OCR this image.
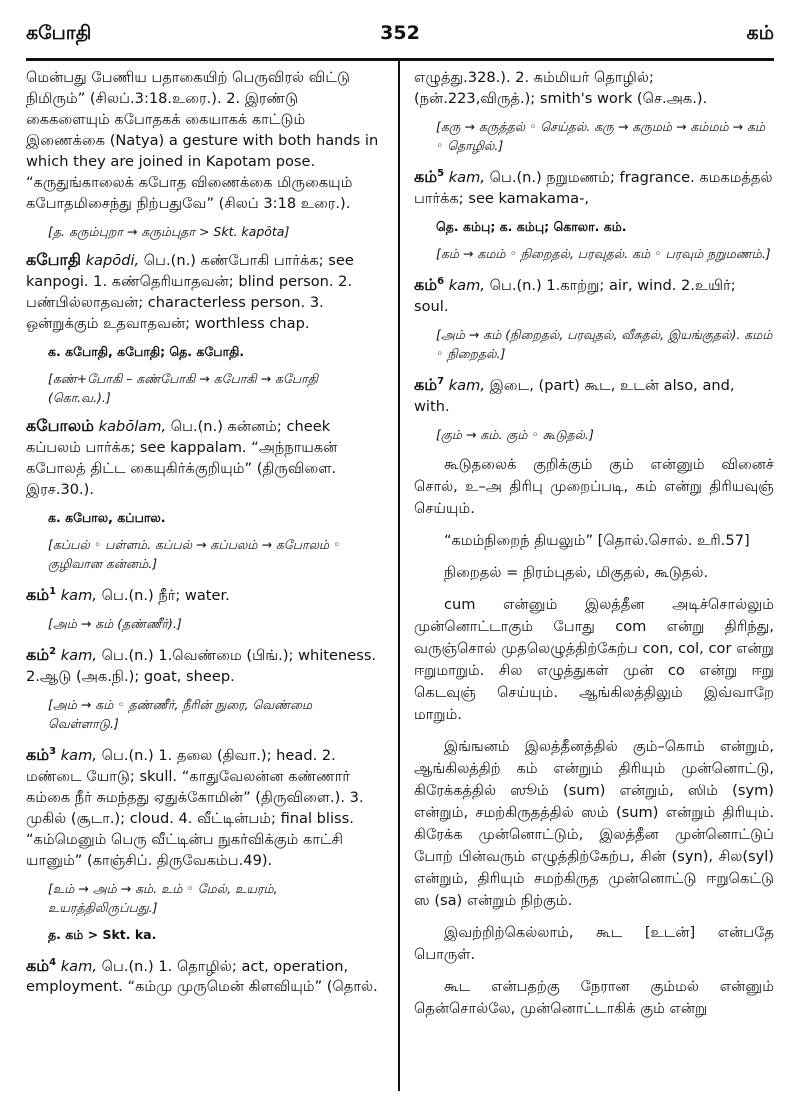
கபோதி	352	கம்
மென்பது பேணிய பதாகையிற் பெருவிரல் விட்டு நிமிரும்” (சிலப்.3:18.உரை.). 2. இரண்டு கைகளையும் கபோதகக் கையாகக் காட்டும் இணைக்கை (Natya) a gesture with both hands in which they are joined in Kapotam pose. “கருதுங்காலைக் கபோத விணைக்கை மிருகையும் கபோதமிசைந்து நிற்பதுவே” (சிலப் 3:18 உரை.).
[த. கரும்புறா → கரும்புதா > Skt. kapōta]
கபோதி kapōdi, பெ.(n.) கண்போகி பார்க்க; see kanpogi. 1. கண்தெரியாதவன்; blind person. 2. பண்பில்லாதவன்; characterless person. 3. ஒன்றுக்கும் உதவாதவன்; worthless chap.
க. கபோதி, கபோதி; தெ. கபோதி.
[கண்+போகி – கண்போகி → கபோகி → கபோதி (கொ.வ.).]
கபோலம் kabōlam, பெ.(n.) கன்னம்; cheek கப்பலம் பார்க்க; see kappalam. “அந்நாயகன் கபோலத் திட்ட கையுகிர்க்குறியும்” (திருவிளை. இரச.30.).
க. கபோல, கப்பால.
[கப்பல் ◦ பள்ளம். கப்பல் → கப்பலம் → கபோலம் ◦ குழிவான கன்னம்.]
கம்$^1$ kam, பெ.(n.) நீர்; water.
[அம் → கம் (தண்ணீர்).]
கம்$^2$ kam, பெ.(n.) 1.வெண்மை (பிங்.); whiteness. 2.ஆடு (அக.நி.); goat, sheep.
[அம் → கம் ◦ தண்ணீர், நீரின் நுரை, வெண்மை வெள்ளாடு.]
கம்$^3$ kam, பெ.(n.) 1. தலை (திவா.); head. 2. மண்டை யோடு; skull. “காதுவேலன்ன கண்ணார் கம்கை நீர் சுமந்தது ஏதுக்கோமின்” (திருவிளை.). 3. முகில் (சூடா.); cloud. 4. வீட்டின்பம்; final bliss. “கம்மெனும் பெரு வீட்டின்ப நுகர்விக்கும் காட்சி யானும்” (காஞ்சிப். திருவேகம்ப.49).
[உம் → அம் → கம். உம் ◦ மேல், உயரம், உயரத்திலிருப்பது.]
த. கம் > Skt. ka.
கம்$^4$ kam, பெ.(n.) 1. தொழில்; act, operation, employment. “கம்மு முருமென் கிளவியும்” (தொல்.
எழுத்து.328.). 2. கம்மியர் தொழில்; (நன்.223,விருத்.); smith's work (செ.அக.).
[கரு → கருத்தல் ◦ செய்தல். கரு → கருமம் → கம்மம் → கம் ◦ தொழில்.]
கம்$^5$ kam, பெ.(n.) நறுமணம்; fragrance. கமகமத்தல் பார்க்க; see kamakama-,
தெ. கம்பு; க. கம்பு; கொலா. கம்.
[கம் → கமம் ◦ நிறைதல், பரவுதல். கம் ◦ பரவும் நறுமணம்.]
கம்$^6$ kam, பெ.(n.) 1.காற்று; air, wind. 2.உயிர்; soul.
[அம் → கம் (நிறைதல், பரவுதல், வீசுதல், இயங்குதல்). கமம் ◦ நிறைதல்.]
கம்$^7$ kam, இடை, (part) கூட, உடன் also, and, with.
[கும் → கம். கும் ◦ கூடுதல்.]
கூடுதலைக் குறிக்கும் கும் என்னும் வினைச் சொல், உ–அ திரிபு முறைப்படி, கம் என்று திரியவுஞ் செய்யும்.
“கமம்நிறைந் தியலும்” [தொல்.சொல். உரி.57]
நிறைதல் = நிரம்புதல், மிகுதல், கூடுதல்.
cum என்னும் இலத்தீன அடிச்சொல்லும் முன்னொட்டாகும் போது com என்று திரிந்து, வருஞ்சொல் முதலெழுத்திற்கேற்ப con, col, cor என்று ஈறுமாறும். சில எழுத்துகள் முன் co என்று ஈறு கெடவுஞ் செய்யும். ஆங்கிலத்திலும் இவ்வாறே மாறும்.
இங்ஙனம் இலத்தீனத்தில் கும்–கொம் என்றும், ஆங்கிலத்திற் கம் என்றும் திரியும் முன்னொட்டு, கிரேக்கத்தில் ஸூம் (sum) என்றும், ஸிம் (sym) என்றும், சமற்கிருதத்தில் ஸம் (sum) என்றும் திரியும். கிரேக்க முன்னொட்டும், இலத்தீன முன்னொட்டுப் போற் பின்வரும் எழுத்திற்கேற்ப, சின் (syn), சில(syl) என்றும், திரியும் சமற்கிருத முன்னொட்டு ஈறுகெட்டு ஸ (sa) என்றும் நிற்கும்.
இவற்றிற்கெல்லாம், கூட [உடன்] என்பதே பொருள்.
கூட என்பதற்கு நேரான கும்மல் என்னும் தென்சொல்லே, முன்னொட்டாகிக் கும் என்று
